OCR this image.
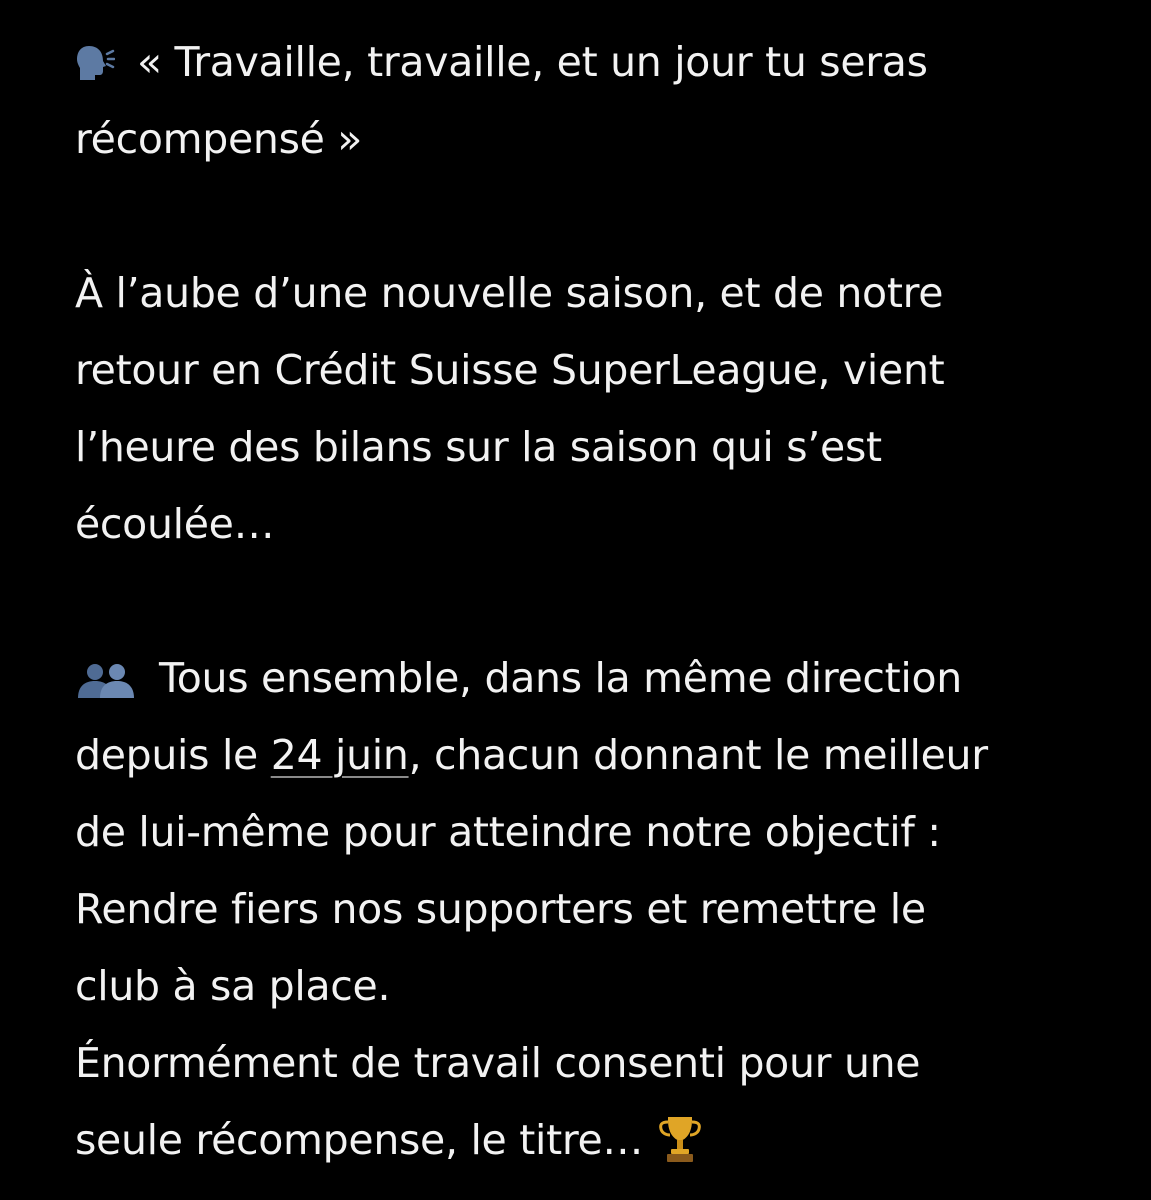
« Travaille, travaille, et un jour tu seras
récompensé »
À l’aube d’une nouvelle saison, et de notre
retour en Crédit Suisse SuperLeague, vient
l’heure des bilans sur la saison qui s’est
écoulée…
Tous ensemble, dans la même direction
depuis le 24 juin, chacun donnant le meilleur
de lui-même pour atteindre notre objectif :
Rendre fiers nos supporters et remettre le
club à sa place.
Énormément de travail consenti pour une
seule récompense, le titre…
